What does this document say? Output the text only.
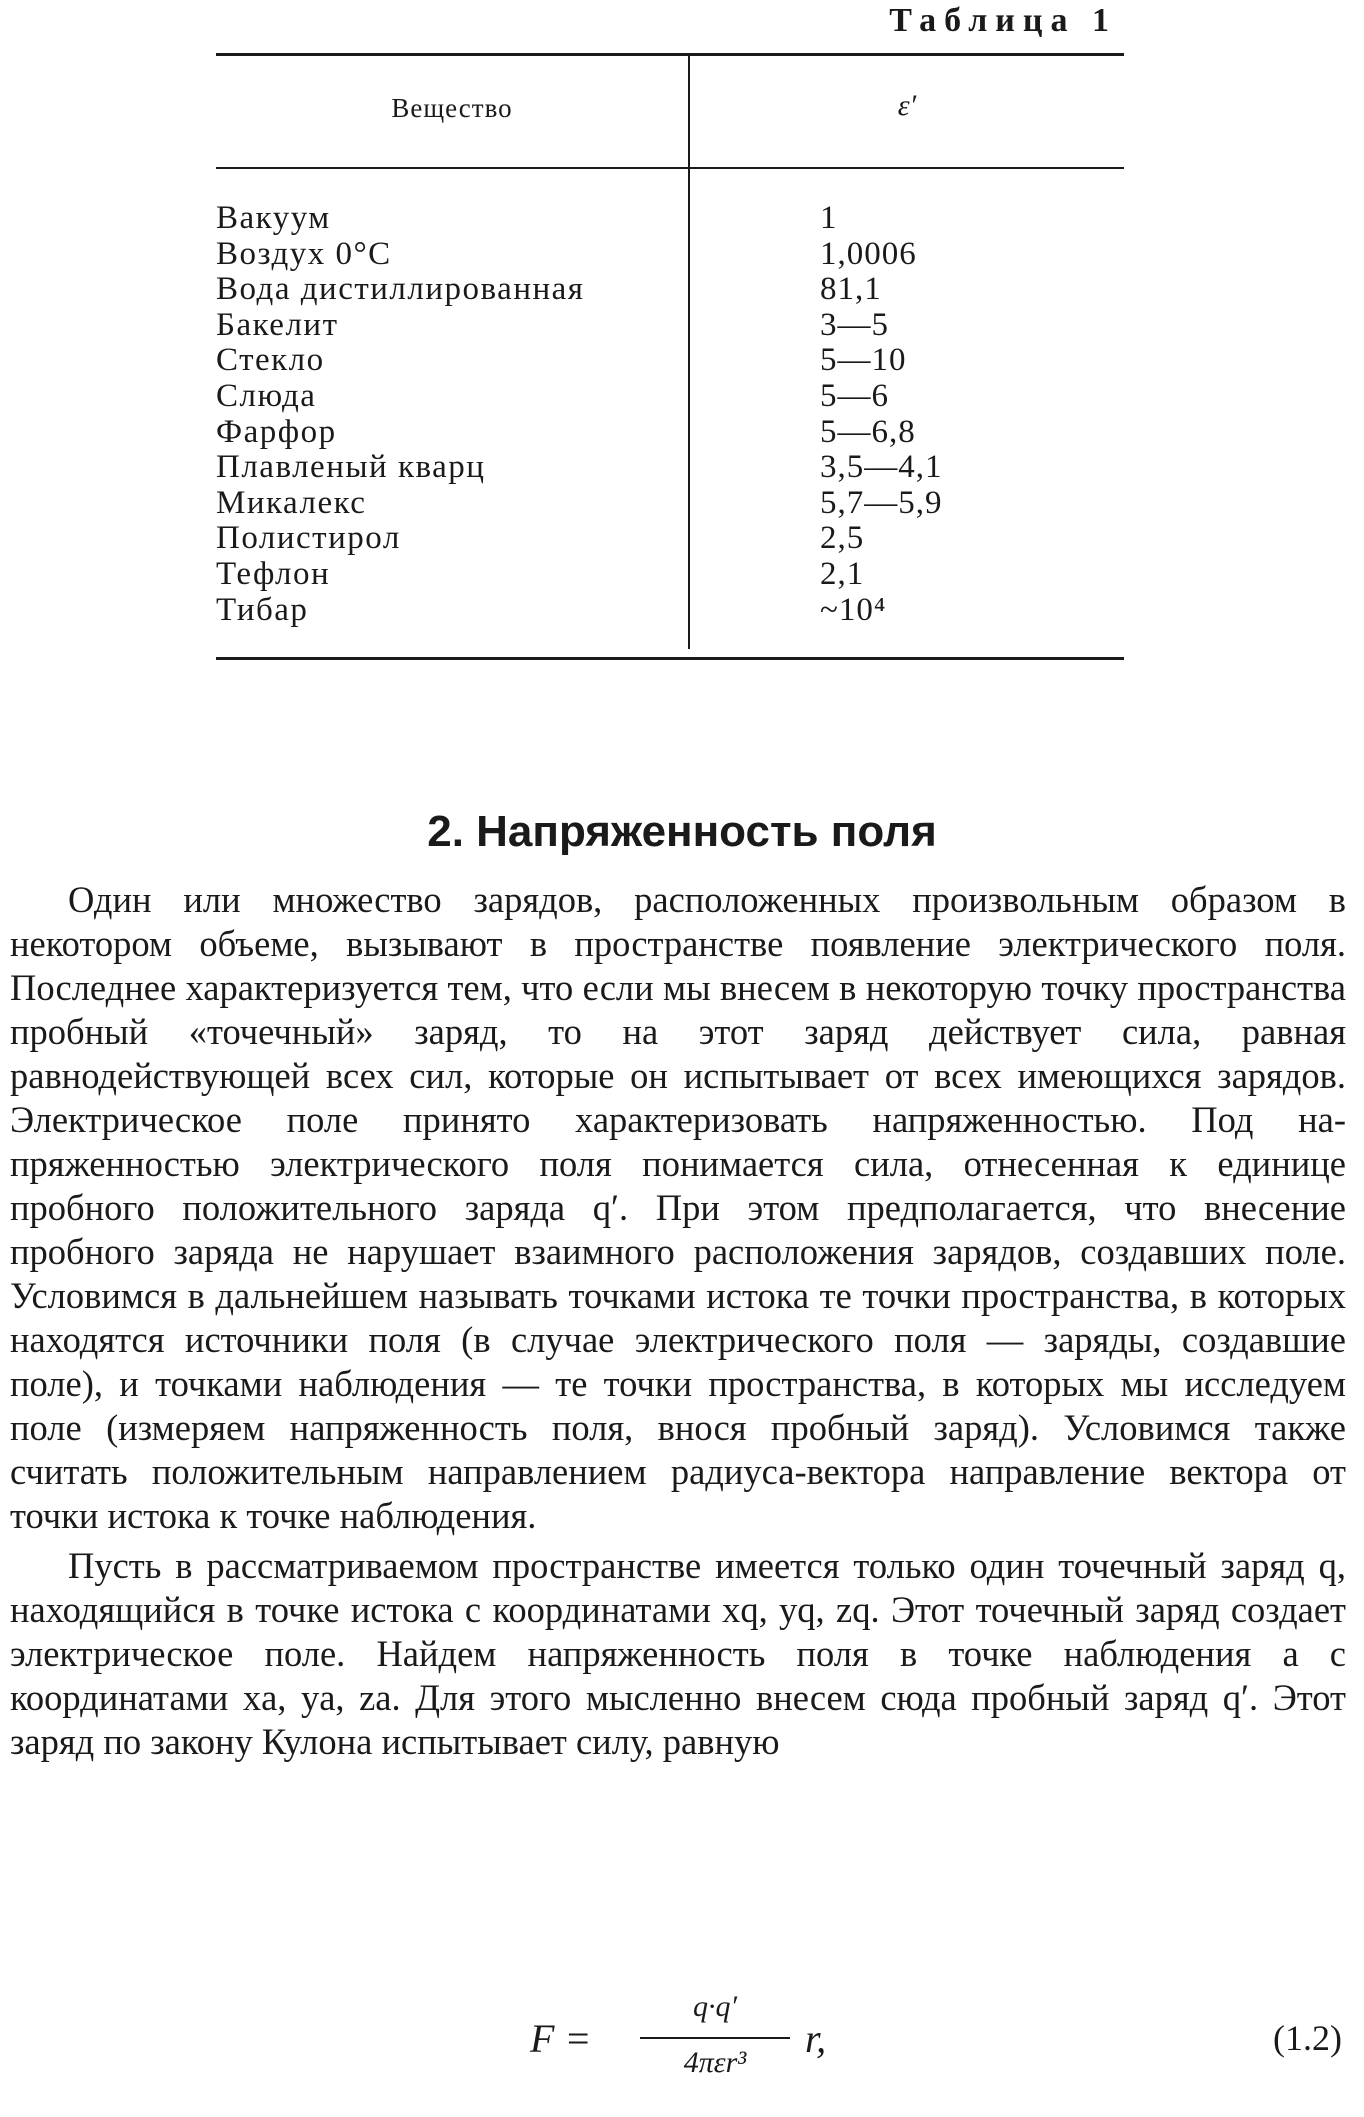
Таблица 1
Вещество	ε′
Вакуум	1
Воздух 0°C	1,0006
Вода дистиллированная	81,1
Бакелит	3—5
Стекло	5—10
Слюда	5—6
Фарфор	5—6,8
Плавленый кварц	3,5—4,1
Микалекс	5,7—5,9
Полистирол	2,5
Тефлон	2,1
Тибар	~10⁴
2. Напряженность поля

Один или множество зарядов, расположенных произвольным образом в некотором объеме, вызывают в пространстве появление электрического поля. Последнее характеризуется тем, что если мы внесем в некоторую точку пространства пробный «точечный» заряд, то на этот заряд действует сила, равная равнодействующей всех сил, которые он испытывает от всех имеющихся зарядов. Электрическое поле принято характеризовать напряженностью. Под напряженностью электрического поля понимается сила, отнесенная к единице пробного положительного заряда q′. При этом предполагается, что внесение пробного заряда не нарушает взаимного расположения зарядов, создавших поле. Условимся в дальнейшем называть точками истока те точки пространства, в которых находятся источники поля (в случае электрического поля — заряды, создавшие поле), и точками наблюдения — те точки пространства, в которых мы исследуем поле (измеряем напряженность поля, внося пробный заряд). Условимся также считать положительным направлением радиуса-вектора направление вектора от точки истока к точке наблюдения.

Пусть в рассматриваемом пространстве имеется только один точечный заряд q, находящийся в точке истока с координатами xq, yq, zq. Этот точечный заряд создает электрическое поле. Найдем напряженность поля в точке наблюдения a с координатами xa, ya, za. Для этого мысленно внесем сюда пробный заряд q′. Этот заряд по закону Кулона испытывает силу, равную

F =
q·q′
4πεr³
r,	(1.2)
